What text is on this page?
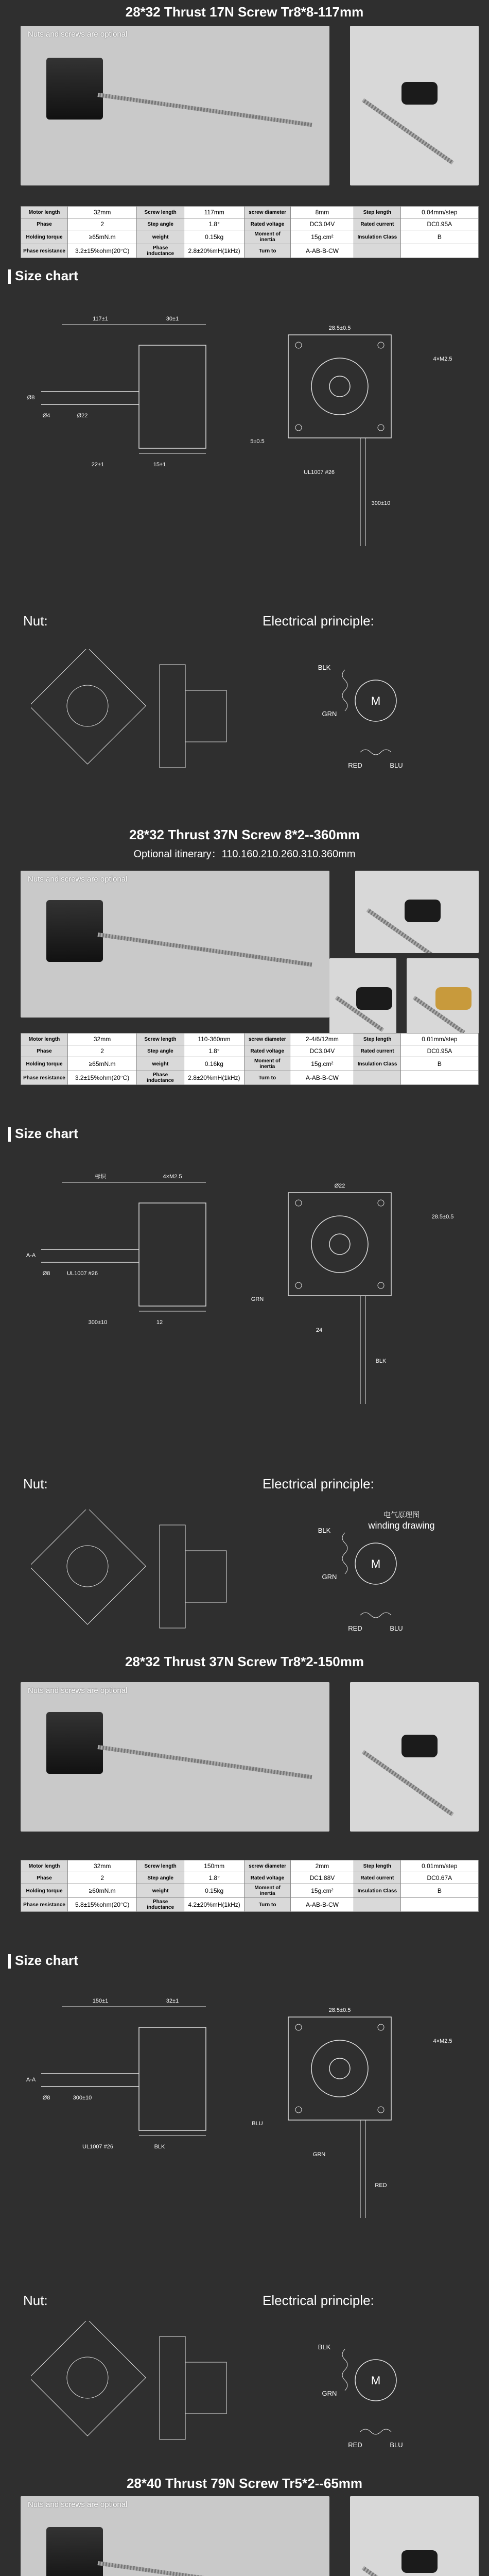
28*32 Thrust 17N Screw Tr8*8-117mm
Nuts and screws are optional
Motor length	32mm	Screw length	117mm	screw diameter	8mm	Step length	0.04mm/step
Phase	2	Step angle	1.8°	Rated voltage	DC3.04V	Rated current	DC0.95A
Holding torque	≥65mN.m	weight	0.15kg	Moment of inertia	15g.cm²	Insulation Class	B
Phase resistance	3.2±15%ohm(20°C)	Phase inductance	2.8±20%mH(1kHz)	Turn to	A-AB-B-CW		
Size chart
117±1	30±1
4×M2.5
28.5±0.5
22±1
Ø22
Ø8
Ø4
15±1
UL1007 #26
300±10
5±0.5
Nut:	Electrical principle:
M
BLK
GRN
RED	BLU
28*32 Thrust 37N Screw 8*2--360mm
Optional itinerary：110.160.210.260.310.360mm
Nuts and screws are optional
Motor length	32mm	Screw length	110-360mm	screw diameter	2-4/6/12mm	Step length	0.01mm/step
Phase	2	Step angle	1.8°	Rated voltage	DC3.04V	Rated current	DC0.95A
Holding torque	≥65mN.m	weight	0.16kg	Moment of inertia	15g.cm²	Insulation Class	B
Phase resistance	3.2±15%ohm(20°C)	Phase inductance	2.8±20%mH(1kHz)	Turn to	A-AB-B-CW		
Size chart
标识	4×M2.5
28.5±0.5
Ø22
300±10
UL1007 #26
A-A
Ø8
12
24
BLK
GRN
Nut:	Electrical principle:
M
BLK
GRN
RED	BLU
电气原理图
winding drawing
28*32 Thrust 37N Screw Tr8*2-150mm
Nuts and screws are optional
Motor length	32mm	Screw length	150mm	screw diameter	2mm	Step length	0.01mm/step
Phase	2	Step angle	1.8°	Rated voltage	DC1.88V	Rated current	DC0.67A
Holding torque	≥60mN.m	weight	0.15kg	Moment of inertia	15g.cm²	Insulation Class	B
Phase resistance	5.8±15%ohm(20°C)	Phase inductance	4.2±20%mH(1kHz)	Turn to	A-AB-B-CW		
Size chart
150±1	32±1
4×M2.5
28.5±0.5
UL1007 #26
300±10
A-A
Ø8
BLK
GRN
RED
BLU
Nut:	Electrical principle:
M
BLK
GRN
RED	BLU
28*40 Thrust 79N Screw Tr5*2--65mm
Nuts and screws are optional
